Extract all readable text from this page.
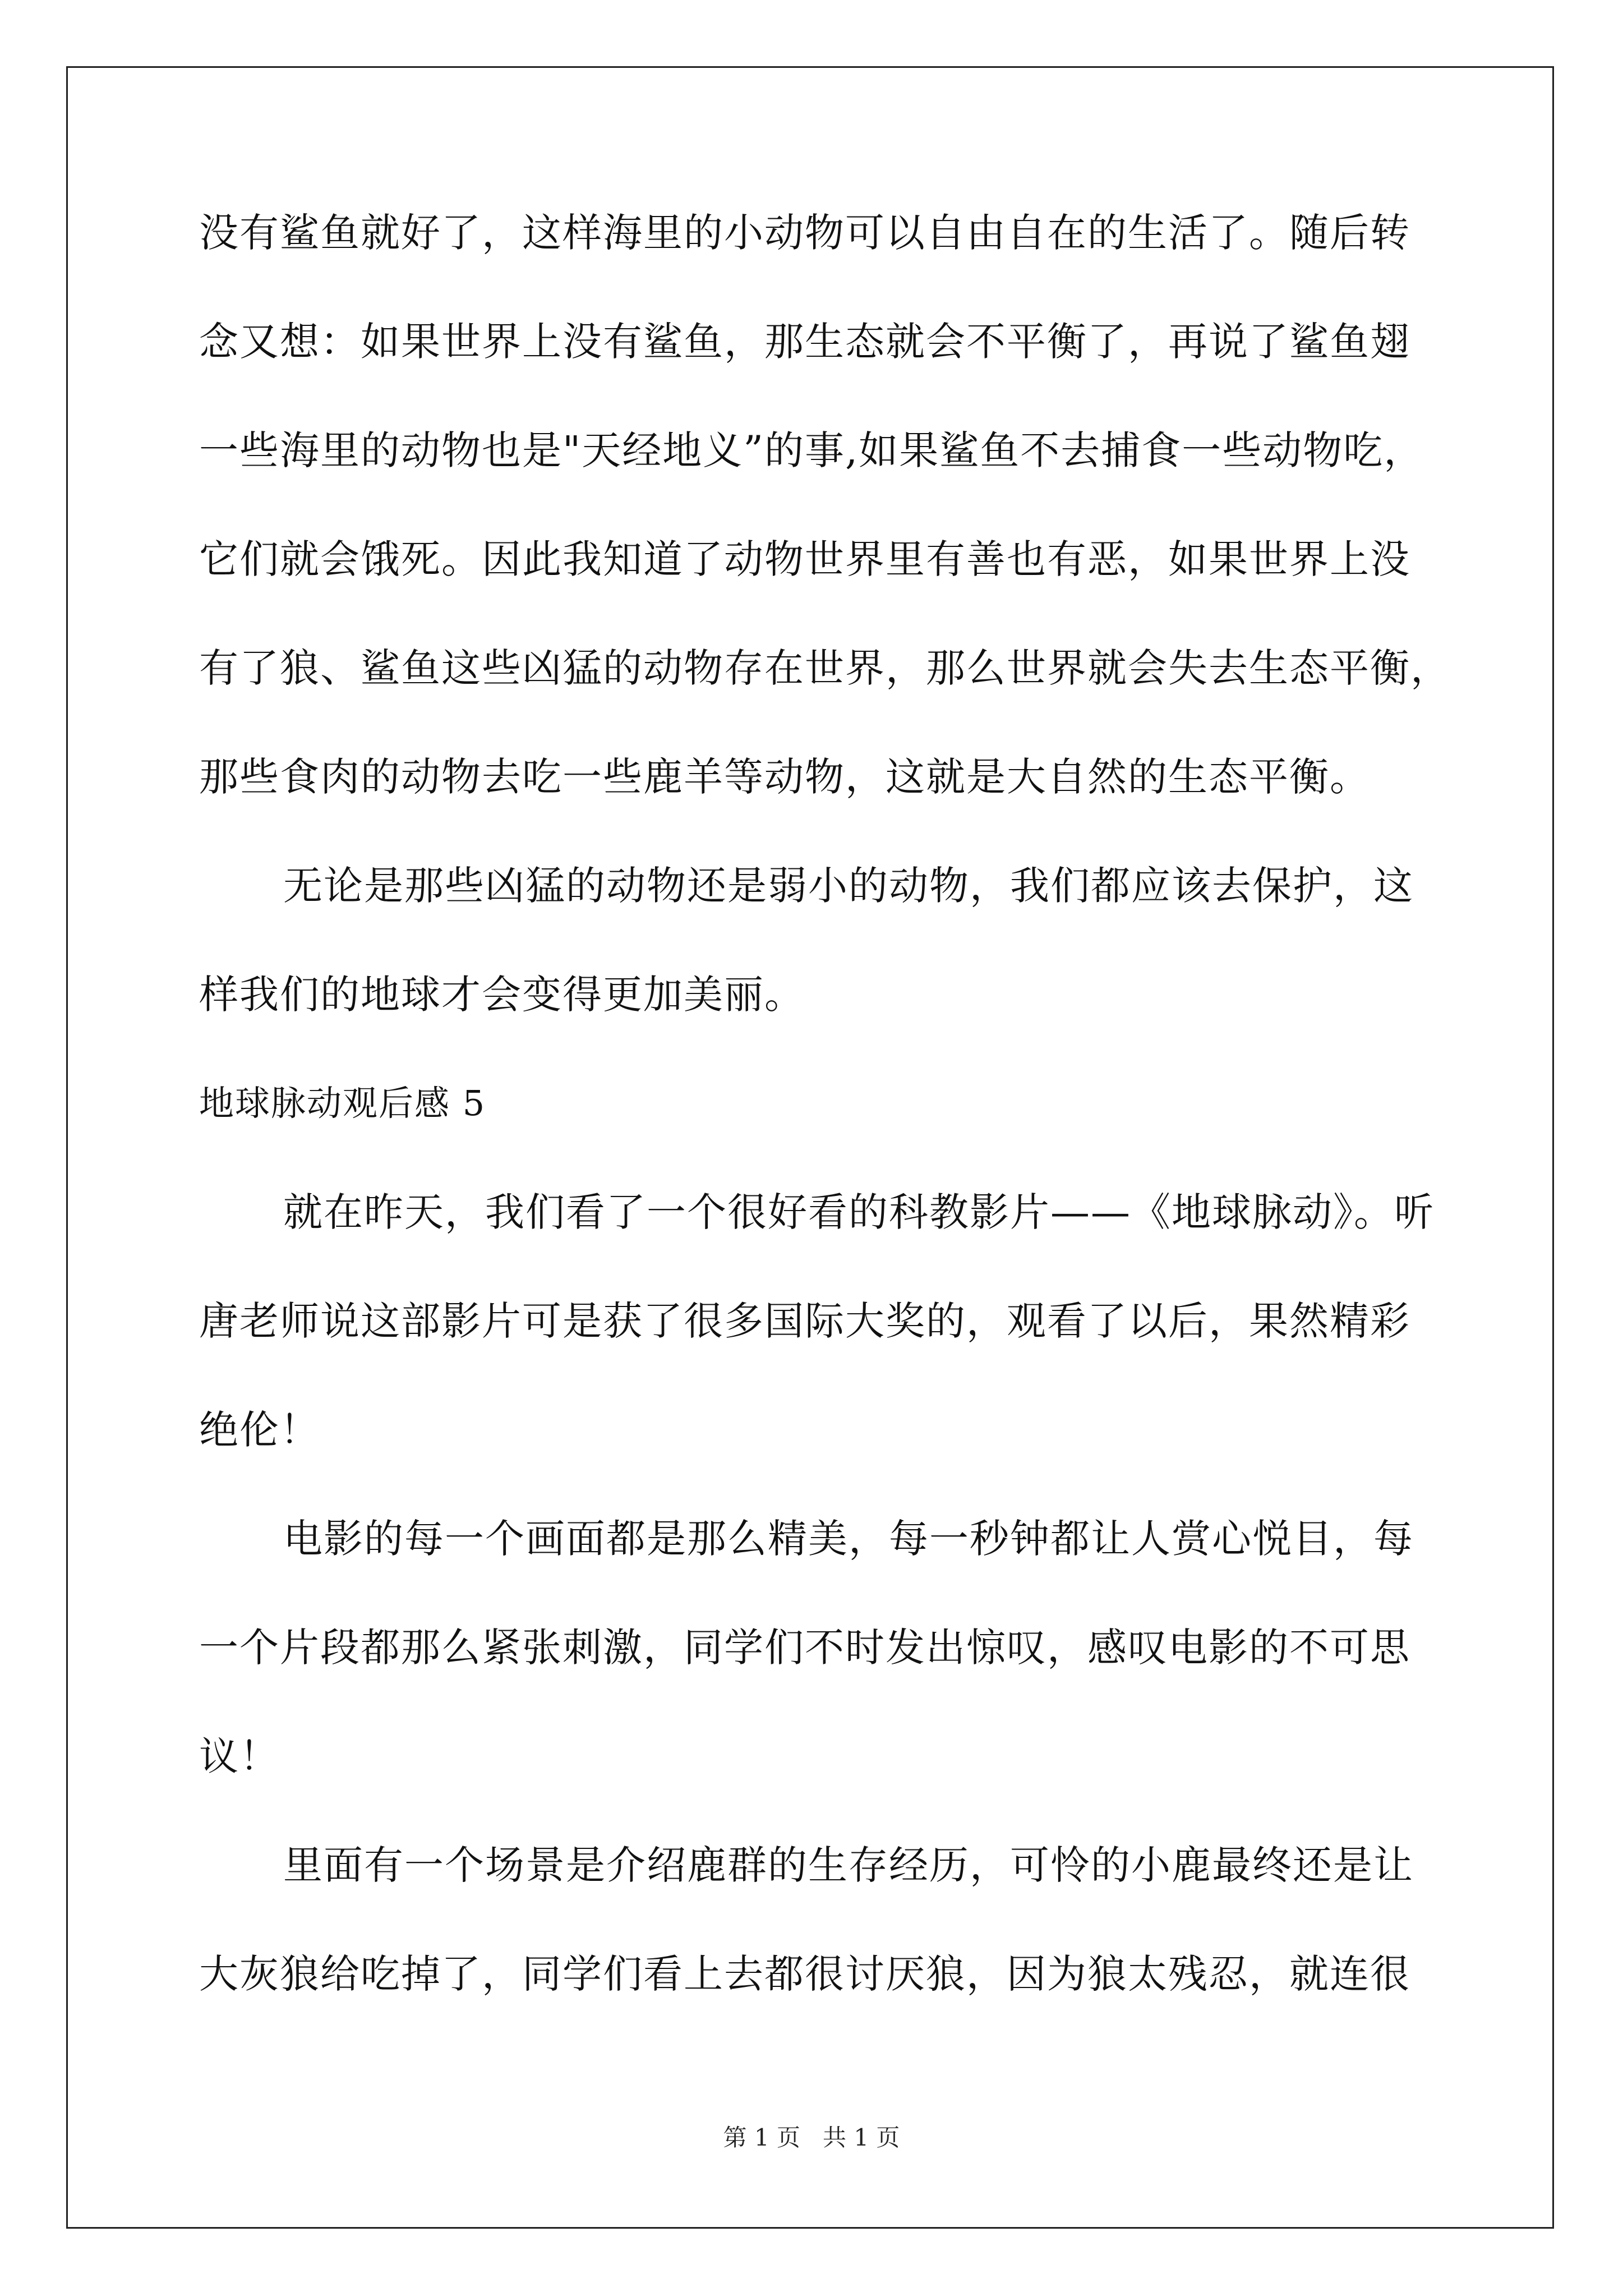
没有鲨鱼就好了，这样海里的小动物可以自由自在的生活了。随后转
念又想：如果世界上没有鲨鱼，那生态就会不平衡了，再说了鲨鱼翅
一些海里的动物也是"天经地义”的事,如果鲨鱼不去捕食一些动物吃，
它们就会饿死。因此我知道了动物世界里有善也有恶，如果世界上没
有了狼、鲨鱼这些凶猛的动物存在世界，那么世界就会失去生态平衡，
那些食肉的动物去吃一些鹿羊等动物，这就是大自然的生态平衡。
无论是那些凶猛的动物还是弱小的动物，我们都应该去保护，这
样我们的地球才会变得更加美丽。
地球脉动观后感 5
就在昨天，我们看了一个很好看的科教影片——《地球脉动》。听
唐老师说这部影片可是获了很多国际大奖的，观看了以后，果然精彩
绝伦！
电影的每一个画面都是那么精美，每一秒钟都让人赏心悦目，每
一个片段都那么紧张刺激，同学们不时发出惊叹，感叹电影的不可思
议！
里面有一个场景是介绍鹿群的生存经历，可怜的小鹿最终还是让
大灰狼给吃掉了，同学们看上去都很讨厌狼，因为狼太残忍，就连很
第 1 页 共 1 页
